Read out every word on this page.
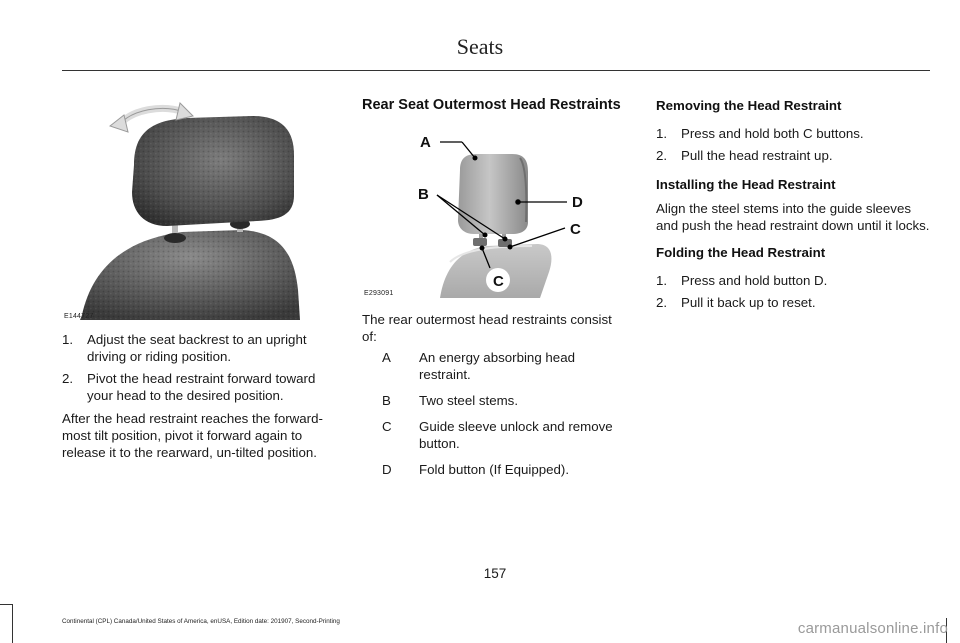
Seats
E144727
1.	Adjust the seat backrest to an upright driving or riding position.
2.	Pivot the head restraint forward toward your head to the desired position.
After the head restraint reaches the forward-most tilt position, pivot it forward again to release it to the rearward, un-tilted position.
Rear Seat Outermost Head Restraints
A
B	D
C
C
E293091
The rear outermost head restraints consist of:
A	An energy absorbing head restraint.
B	Two steel stems.
C	Guide sleeve unlock and remove button.
D	Fold button (If Equipped).
Removing the Head Restraint
1.	Press and hold both C buttons.
2.	Pull the head restraint up.
Installing the Head Restraint
Align the steel stems into the guide sleeves and push the head restraint down until it locks.
Folding the Head Restraint
1.	Press and hold button D.
2.	Pull it back up to reset.
157
Continental (CPL) Canada/United States of America, enUSA, Edition date: 201907, Second-Printing	carmanualsonline.info
